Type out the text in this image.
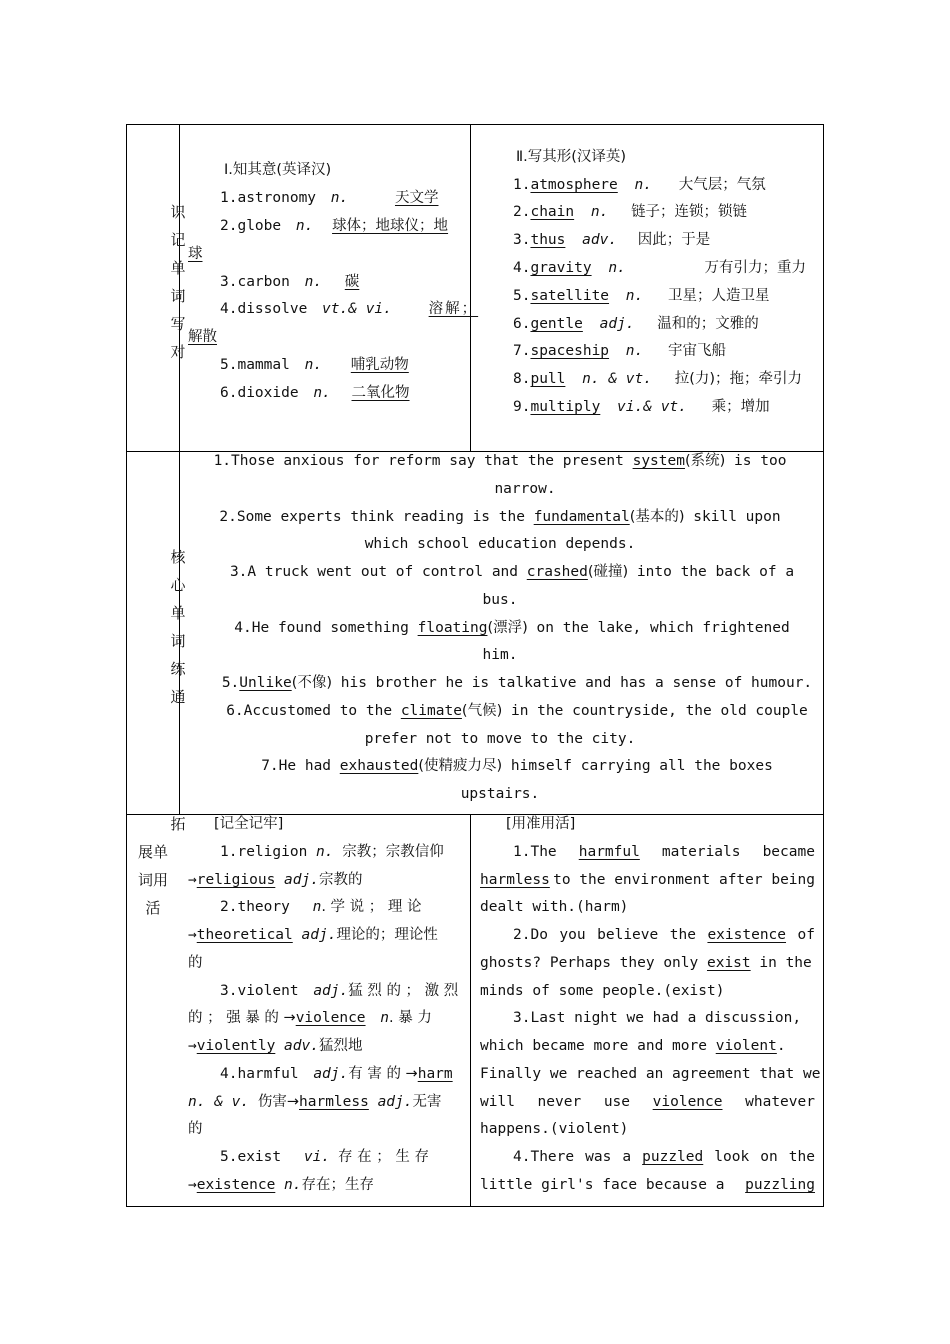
识
记
单
词
写
对
Ⅰ.知其意(英译汉)
1.astronomy n.	天文学
2.globe n. 球体；地球仪；地
球
3.carbon n. 碳
4.dissolve vt.& vi.	溶解；
解散
5.mammal n. 哺乳动物
6.dioxide n. 二氧化物
Ⅱ.写其形(汉译英)
1.atmosphere n. 大气层；气氛
2.chain n. 链子；连锁；锁链
3.thus adv. 因此；于是
4.gravity n.	万有引力；重力
5.satellite n. 卫星；人造卫星
6.gentle adj. 温和的；文雅的
7.spaceship n. 宇宙飞船
8.pull n. & vt. 拉(力)；拖；牵引力
9.multiply vi.& vt. 乘；增加
核
心
单
词
练
通
1.Those anxious for reform say that the present system(系统) is too
narrow.
2.Some experts think reading is the fundamental(基本的) skill upon
which school education depends.
3.A truck went out of control and crashed(碰撞) into the back of a
bus.
4.He found something floating(漂浮) on the lake, which frightened
him.
5.Unlike(不像) his brother he is talkative and has a sense of humour.
6.Accustomed to the climate(气候) in the countryside, the old couple
prefer not to move to the city.
7.He had exhausted(使精疲力尽) himself carrying all the boxes
upstairs.
拓
展单
词用
活
[记全记牢]
1.religion n. 宗教；宗教信仰
→religious adj.宗教的
2.theory n. 学 说 ； 理 论
→theoretical adj.理论的；理论性
的
3.violent adj.猛 烈 的 ； 激 烈
的 ； 强 暴 的 →violence n. 暴 力
→violently adv.猛烈地
4.harmful adj.有 害 的 →harm
n. & v. 伤害→harmless adj.无害
的
5.exist vi. 存 在 ； 生 存
→existence n.存在；生存
[用准用活]
1.The harmful materials became
harmless to the environment after being
dealt with.(harm)
2.Do you believe the existence of
ghosts? Perhaps they only exist in the
minds of some people.(exist)
3.Last night we had a discussion,
which became more and more violent.
Finally we reached an agreement that we
will never use violence whatever
happens.(violent)
4.There was a puzzled look on the
little girl's face because a puzzling
